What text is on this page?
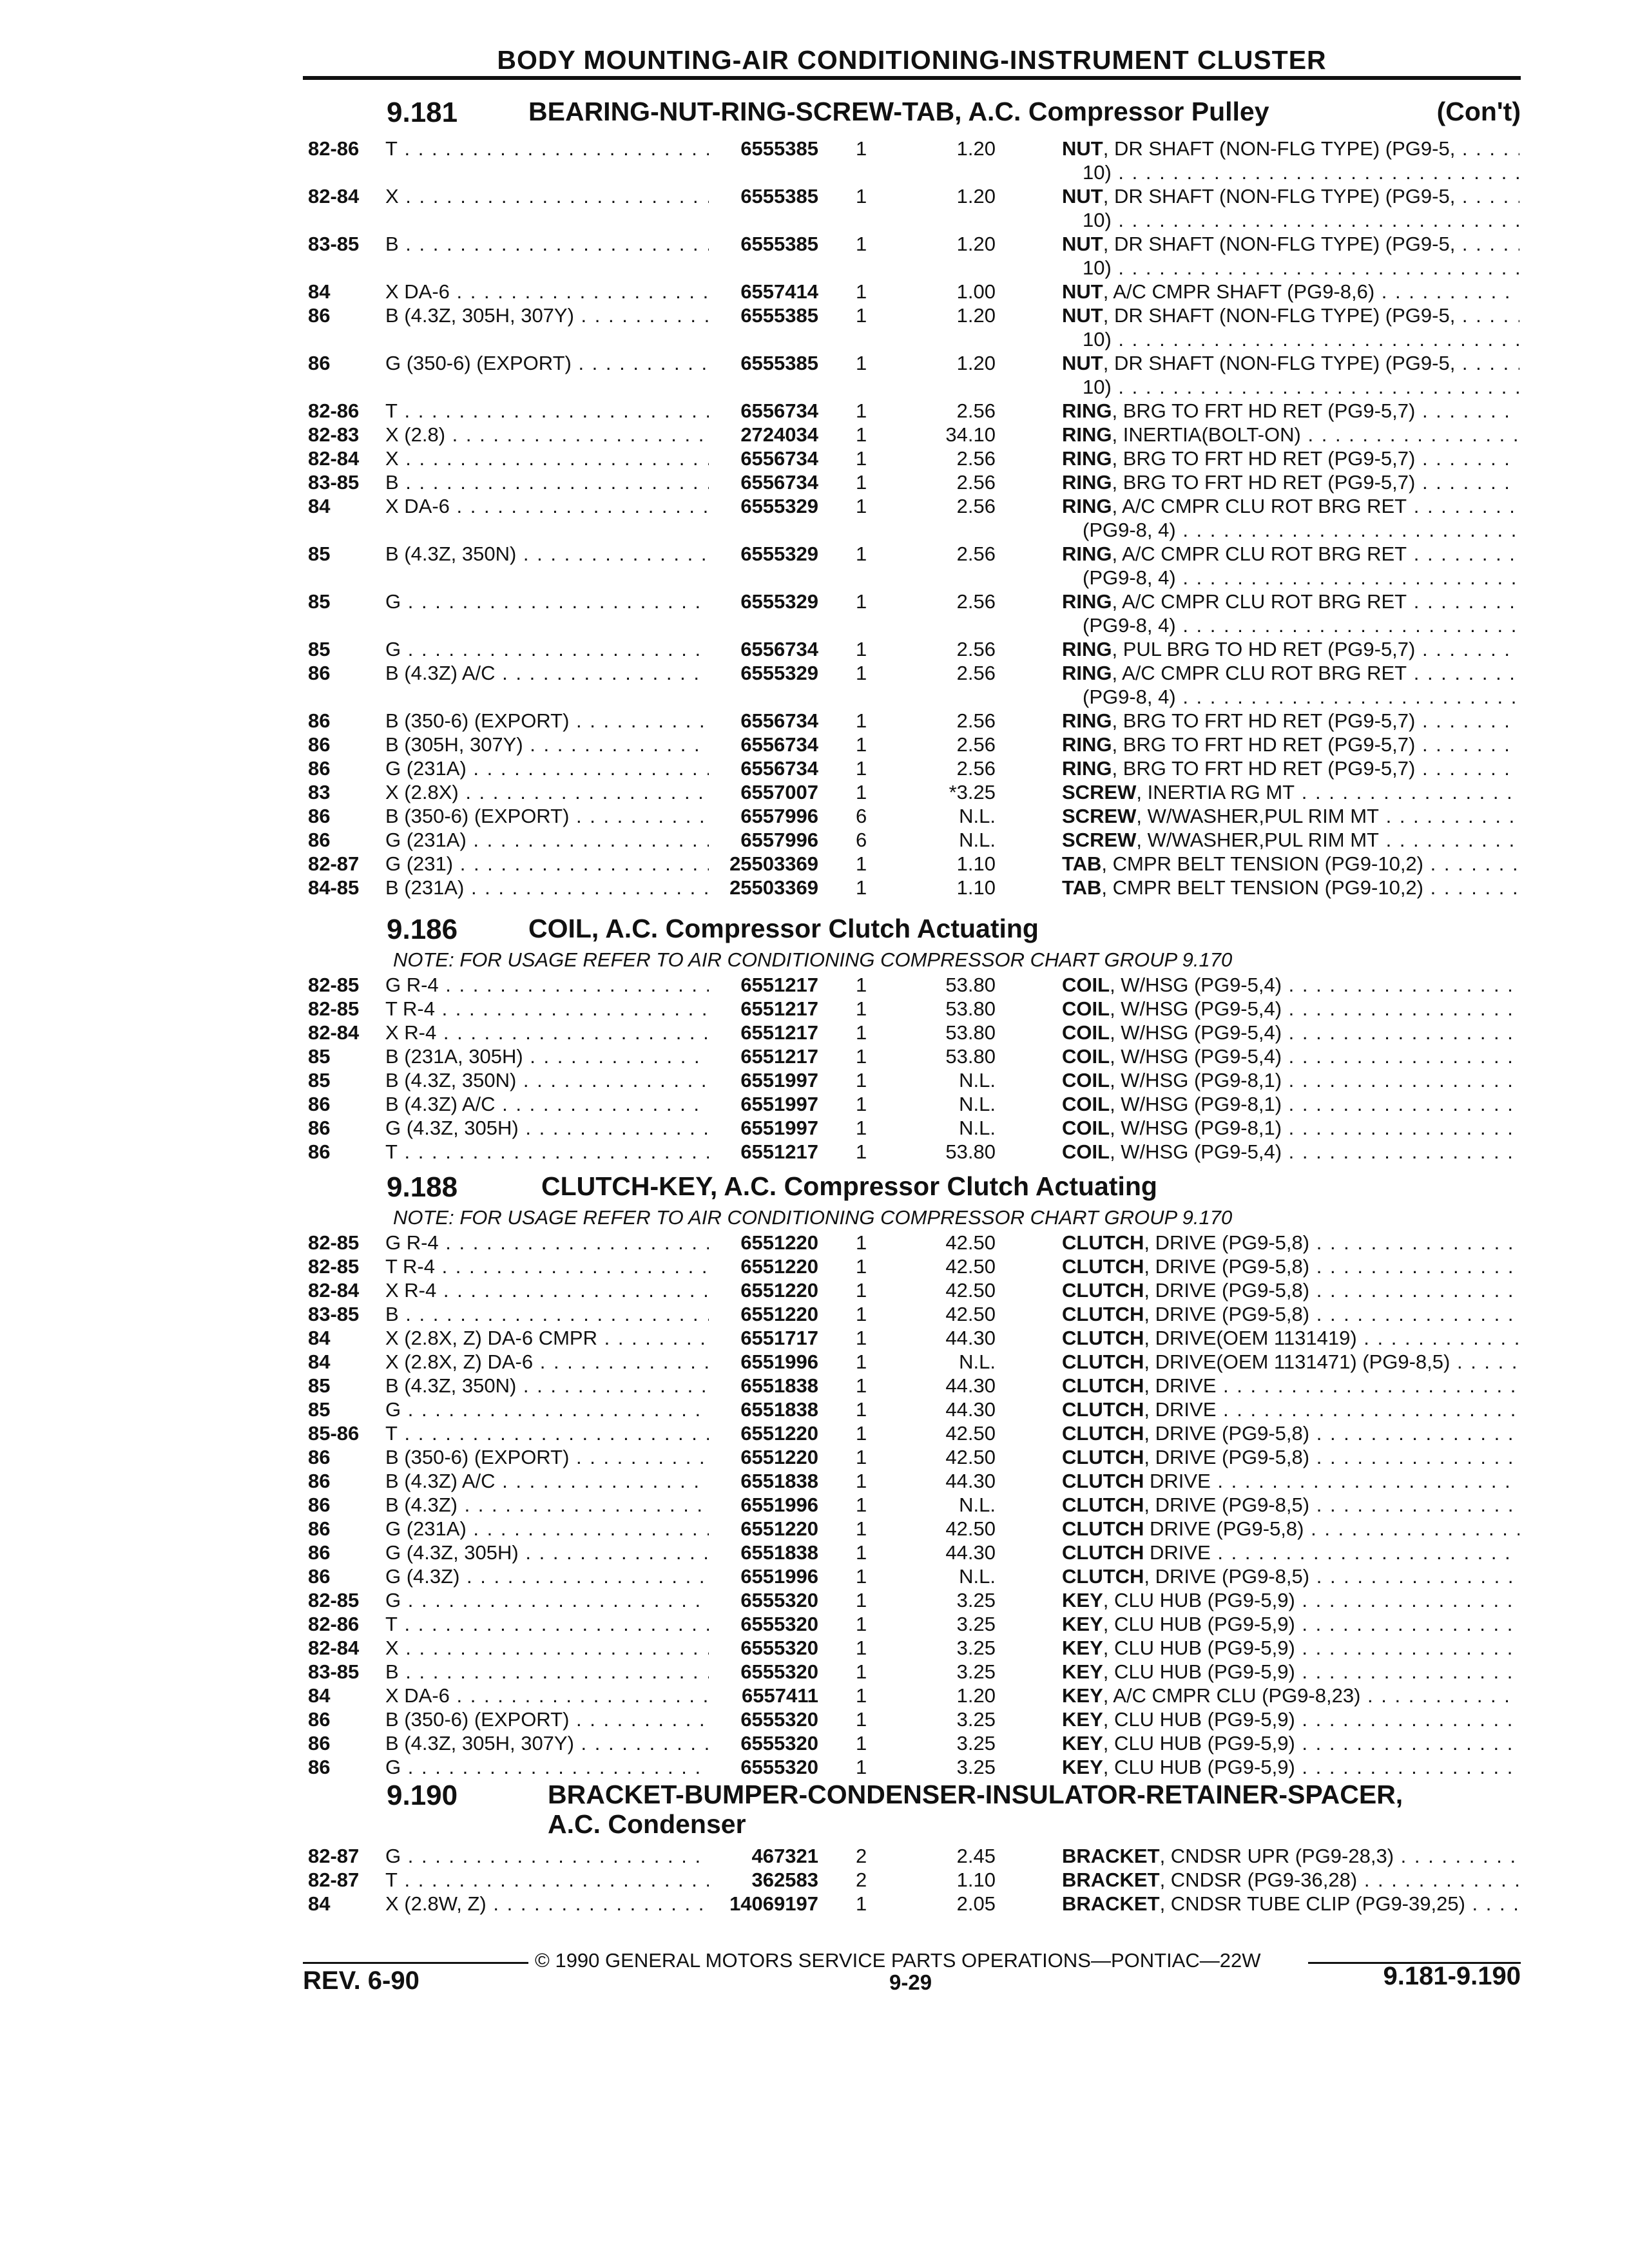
BODY MOUNTING-AIR CONDITIONING-INSTRUMENT CLUSTER
9.181	BEARING-NUT-RING-SCREW-TAB, A.C. Compressor Pulley	(Con't)
82-86 T . . .	6555385 1	1.20	NUT, DR SHAFT (NON-FLG TYPE) (PG9-5, . . .
10) . . .
82-84 X . . .	6555385 1	1.20	NUT, DR SHAFT (NON-FLG TYPE) (PG9-5, . . .
10) . . .
83-85 B . . .	6555385 1	1.20	NUT, DR SHAFT (NON-FLG TYPE) (PG9-5, . . .
10) . . .
84	X DA-6 . . .	6557414 1	1.00	NUT, A/C CMPR SHAFT (PG9-8,6) . . .
86	B (4.3Z, 305H, 307Y) . . .	6555385 1	1.20	NUT, DR SHAFT (NON-FLG TYPE) (PG9-5, . . .
10) . . .
86	G (350-6) (EXPORT) . . .	6555385 1	1.20	NUT, DR SHAFT (NON-FLG TYPE) (PG9-5, . . .
10) . . .
82-86 T . . .	6556734 1	2.56	RING, BRG TO FRT HD RET (PG9-5,7) . . .
82-83 X (2.8) . . .	2724034 1	34.10	RING, INERTIA(BOLT-ON) . . .
82-84 X . . .	6556734 1	2.56	RING, BRG TO FRT HD RET (PG9-5,7) . . .
83-85 B . . .	6556734 1	2.56	RING, BRG TO FRT HD RET (PG9-5,7) . . .
84	X DA-6 . . .	6555329 1	2.56	RING, A/C CMPR CLU ROT BRG RET . . .
(PG9-8, 4) . . .
85	B (4.3Z, 350N) . . .	6555329 1	2.56	RING, A/C CMPR CLU ROT BRG RET . . .
(PG9-8, 4) . . .
85	G . . .	6555329 1	2.56	RING, A/C CMPR CLU ROT BRG RET . . .
(PG9-8, 4) . . .
85	G . . .	6556734 1	2.56	RING, PUL BRG TO HD RET (PG9-5,7) . . .
86	B (4.3Z) A/C . . .	6555329 1	2.56	RING, A/C CMPR CLU ROT BRG RET . . .
(PG9-8, 4) . . .
86	B (350-6) (EXPORT) . . .	6556734 1	2.56	RING, BRG TO FRT HD RET (PG9-5,7) . . .
86	B (305H, 307Y) . . .	6556734 1	2.56	RING, BRG TO FRT HD RET (PG9-5,7) . . .
86	G (231A) . . .	6556734 1	2.56	RING, BRG TO FRT HD RET (PG9-5,7) . . .
83	X (2.8X) . . .	6557007 1	*3.25	SCREW, INERTIA RG MT . . .
86	B (350-6) (EXPORT) . . .	6557996 6	N.L.	SCREW, W/WASHER,PUL RIM MT . . .
86	G (231A) . . .	6557996 6	N.L.	SCREW, W/WASHER,PUL RIM MT . . .
82-87 G (231) . . .	25503369 1	1.10	TAB, CMPR BELT TENSION (PG9-10,2) . . .
84-85 B (231A) . . .	25503369 1	1.10	TAB, CMPR BELT TENSION (PG9-10,2) . . .
9.186	COIL, A.C. Compressor Clutch Actuating
NOTE: FOR USAGE REFER TO AIR CONDITIONING COMPRESSOR CHART GROUP 9.170
82-85 G R-4 . . .	6551217 1	53.80	COIL, W/HSG (PG9-5,4) . . .
82-85 T R-4 . . .	6551217 1	53.80	COIL, W/HSG (PG9-5,4) . . .
82-84 X R-4 . . .	6551217 1	53.80	COIL, W/HSG (PG9-5,4) . . .
85	B (231A, 305H) . . .	6551217 1	53.80	COIL, W/HSG (PG9-5,4) . . .
85	B (4.3Z, 350N) . . .	6551997 1	N.L.	COIL, W/HSG (PG9-8,1) . . .
86	B (4.3Z) A/C . . .	6551997 1	N.L.	COIL, W/HSG (PG9-8,1) . . .
86	G (4.3Z, 305H) . . .	6551997 1	N.L.	COIL, W/HSG (PG9-8,1) . . .
86	T . . .	6551217 1	53.80	COIL, W/HSG (PG9-5,4) . . .
9.188	CLUTCH-KEY, A.C. Compressor Clutch Actuating
NOTE: FOR USAGE REFER TO AIR CONDITIONING COMPRESSOR CHART GROUP 9.170
82-85 G R-4 . . .	6551220 1	42.50	CLUTCH, DRIVE (PG9-5,8) . . .
82-85 T R-4 . . .	6551220 1	42.50	CLUTCH, DRIVE (PG9-5,8) . . .
82-84 X R-4 . . .	6551220 1	42.50	CLUTCH, DRIVE (PG9-5,8) . . .
83-85 B . . .	6551220 1	42.50	CLUTCH, DRIVE (PG9-5,8) . . .
84	X (2.8X, Z) DA-6 CMPR . . .	6551717 1	44.30	CLUTCH, DRIVE(OEM 1131419) . . .
84	X (2.8X, Z) DA-6 . . .	6551996 1	N.L.	CLUTCH, DRIVE(OEM 1131471) (PG9-8,5) . . .
85	B (4.3Z, 350N) . . .	6551838 1	44.30	CLUTCH, DRIVE . . .
85	G . . .	6551838 1	44.30	CLUTCH, DRIVE . . .
85-86 T . . .	6551220 1	42.50	CLUTCH, DRIVE (PG9-5,8) . . .
86	B (350-6) (EXPORT) . . .	6551220 1	42.50	CLUTCH, DRIVE (PG9-5,8) . . .
86	B (4.3Z) A/C . . .	6551838 1	44.30	CLUTCH DRIVE . . .
86	B (4.3Z) . . .	6551996 1	N.L.	CLUTCH, DRIVE (PG9-8,5) . . .
86	G (231A) . . .	6551220 1	42.50	CLUTCH DRIVE (PG9-5,8) . . .
86	G (4.3Z, 305H) . . .	6551838 1	44.30	CLUTCH DRIVE . . .
86	G (4.3Z) . . .	6551996 1	N.L.	CLUTCH, DRIVE (PG9-8,5) . . .
82-85 G . . .	6555320 1	3.25	KEY, CLU HUB (PG9-5,9) . . .
82-86 T . . .	6555320 1	3.25	KEY, CLU HUB (PG9-5,9) . . .
82-84 X . . .	6555320 1	3.25	KEY, CLU HUB (PG9-5,9) . . .
83-85 B . . .	6555320 1	3.25	KEY, CLU HUB (PG9-5,9) . . .
84	X DA-6 . . .	6557411 1	1.20	KEY, A/C CMPR CLU (PG9-8,23) . . .
86	B (350-6) (EXPORT) . . .	6555320 1	3.25	KEY, CLU HUB (PG9-5,9) . . .
86	B (4.3Z, 305H, 307Y) . . .	6555320 1	3.25	KEY, CLU HUB (PG9-5,9) . . .
86	G . . .	6555320 1	3.25	KEY, CLU HUB (PG9-5,9) . . .
9.190	BRACKET-BUMPER-CONDENSER-INSULATOR-RETAINER-SPACER,
A.C. Condenser
82-87 G . . .	467321 2	2.45	BRACKET, CNDSR UPR (PG9-28,3) . . .
82-87 T . . .	362583 2	1.10	BRACKET, CNDSR (PG9-36,28) . . .
84	X (2.8W, Z) . . .	14069197 1	2.05	BRACKET, CNDSR TUBE CLIP (PG9-39,25) . . .
© 1990 GENERAL MOTORS SERVICE PARTS OPERATIONS—PONTIAC—22W
REV. 6-90	9-29	9.181-9.190
